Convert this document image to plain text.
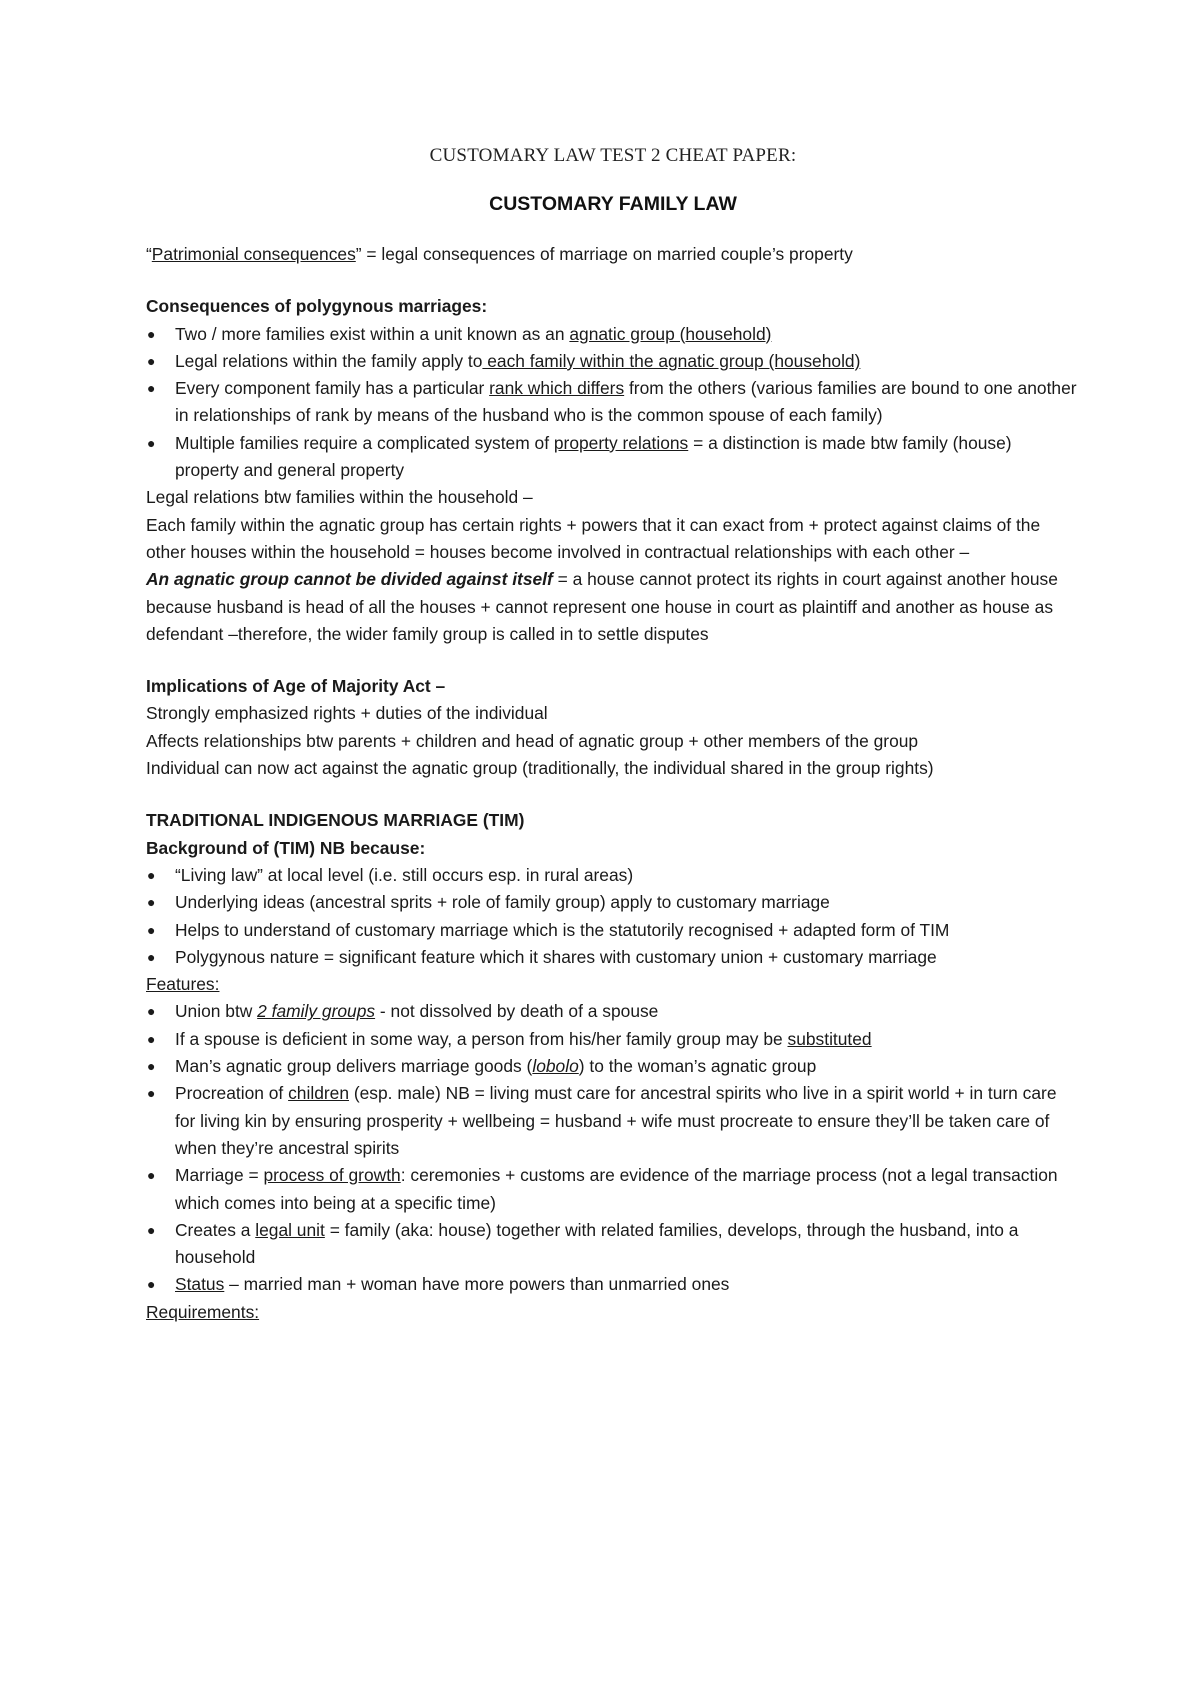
CUSTOMARY LAW TEST 2 CHEAT PAPER:
CUSTOMARY FAMILY LAW

“Patrimonial consequences” = legal consequences of marriage on married couple’s property

Consequences of polygynous marriages:

● Two / more families exist within a unit known as an agnatic group (household)
● Legal relations within the family apply to each family within the agnatic group (household)
● Every component family has a particular rank which differs from the others (various families are bound to one another in relationships of rank by means of the husband who is the common spouse of each family)
● Multiple families require a complicated system of property relations = a distinction is made btw family (house) property and general property

Legal relations btw families within the household –

Each family within the agnatic group has certain rights + powers that it can exact from + protect against claims of the other houses within the household = houses become involved in contractual relationships with each other –

An agnatic group cannot be divided against itself = a house cannot protect its rights in court against another house because husband is head of all the houses + cannot represent one house in court as plaintiff and another as house as defendant –therefore, the wider family group is called in to settle disputes

Implications of Age of Majority Act –

Strongly emphasized rights + duties of the individual

Affects relationships btw parents + children and head of agnatic group + other members of the group

Individual can now act against the agnatic group (traditionally, the individual shared in the group rights)

TRADITIONAL INDIGENOUS MARRIAGE (TIM)

Background of (TIM) NB because:

● “Living law” at local level (i.e. still occurs esp. in rural areas)
● Underlying ideas (ancestral sprits + role of family group) apply to customary marriage
● Helps to understand of customary marriage which is the statutorily recognised + adapted form of TIM
● Polygynous nature = significant feature which it shares with customary union + customary marriage

Features:

● Union btw 2 family groups - not dissolved by death of a spouse
● If a spouse is deficient in some way, a person from his/her family group may be substituted
● Man’s agnatic group delivers marriage goods (lobolo) to the woman’s agnatic group
● Procreation of children (esp. male) NB = living must care for ancestral spirits who live in a spirit world + in turn care for living kin by ensuring prosperity + wellbeing = husband + wife must procreate to ensure they’ll be taken care of when they’re ancestral spirits
● Marriage = process of growth: ceremonies + customs are evidence of the marriage process (not a legal transaction which comes into being at a specific time)
● Creates a legal unit = family (aka: house) together with related families, develops, through the husband, into a household
● Status – married man + woman have more powers than unmarried ones

Requirements:
